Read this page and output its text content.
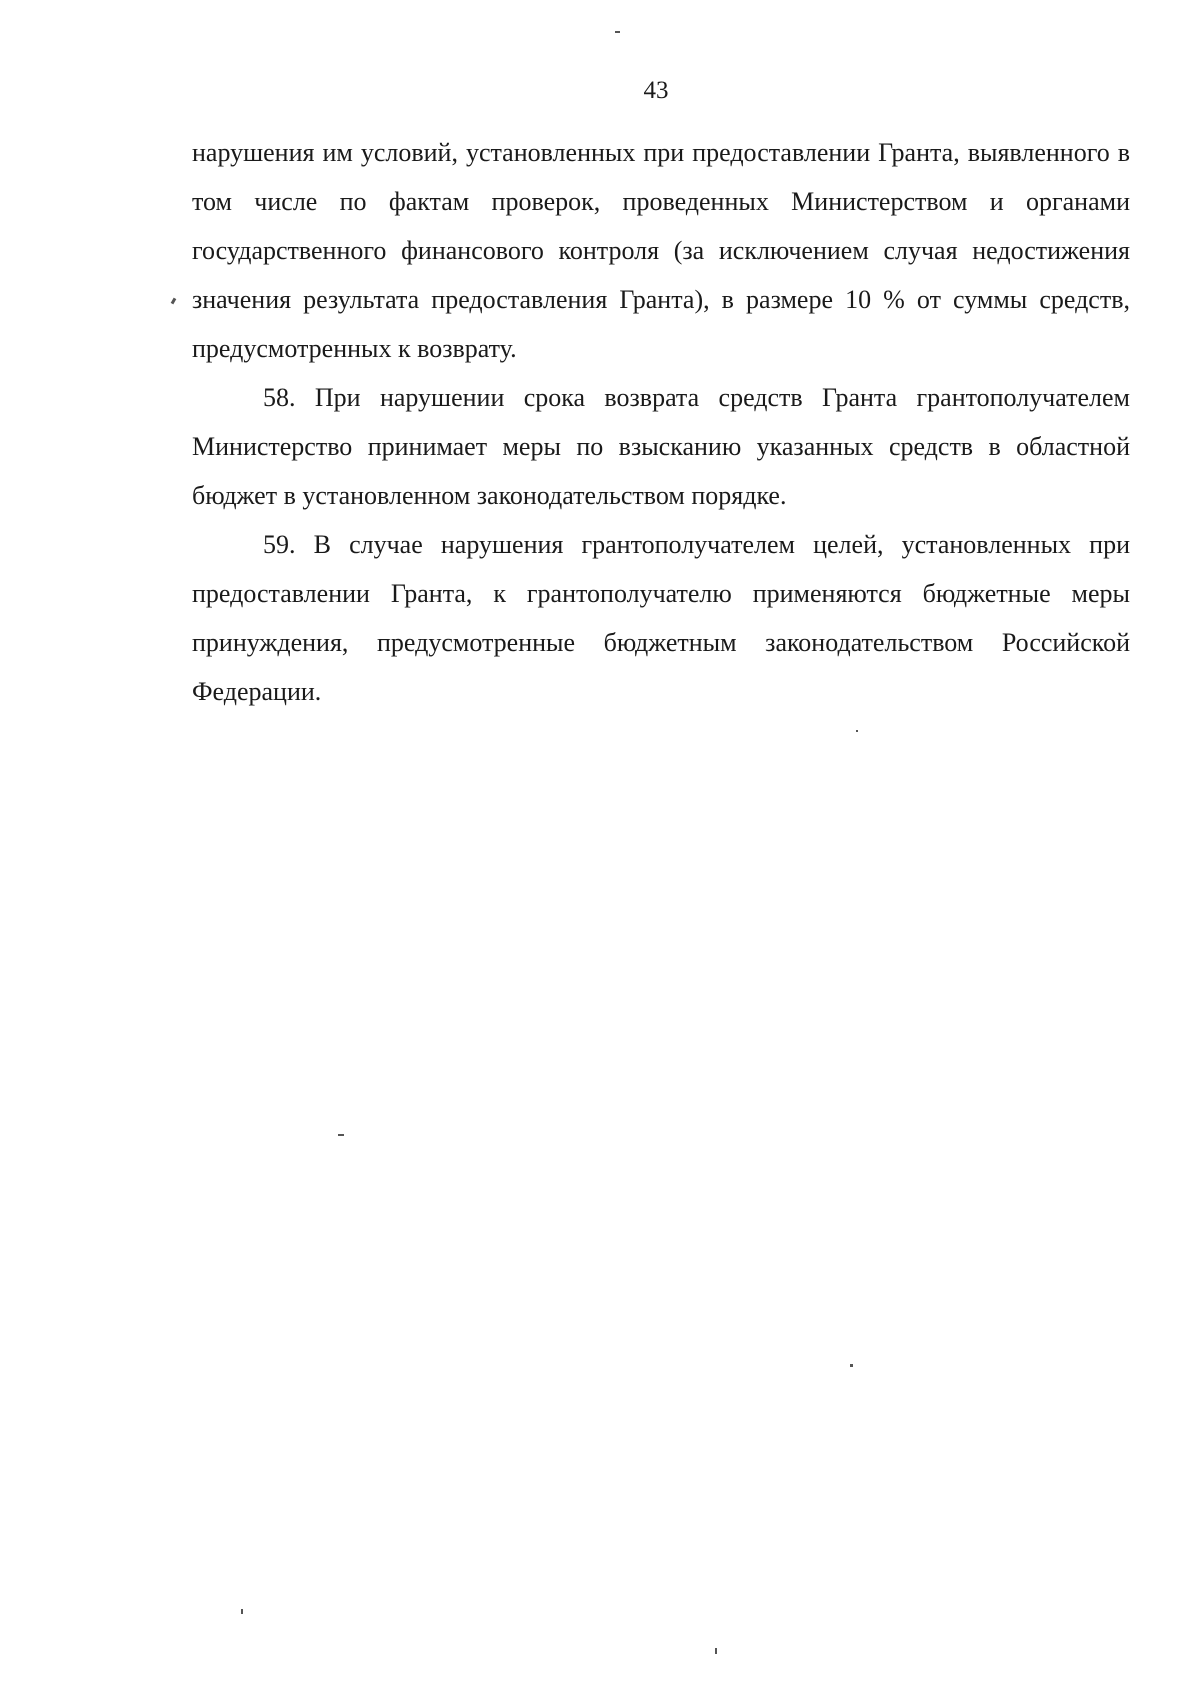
43

нарушения им условий, установленных при предоставлении Гранта, выявленного в том числе по фактам проверок, проведенных Министерством и органами государственного финансового контроля (за исключением случая недостижения значения результата предоставления Гранта), в размере 10 % от суммы средств, предусмотренных к возврату.

58. При нарушении срока возврата средств Гранта грантополучателем Министерство принимает меры по взысканию указанных средств в областной бюджет в установленном законодательством порядке.

59. В случае нарушения грантополучателем целей, установленных при предоставлении Гранта, к грантополучателю применяются бюджетные меры принуждения, предусмотренные бюджетным законодательством Российской Федерации.
